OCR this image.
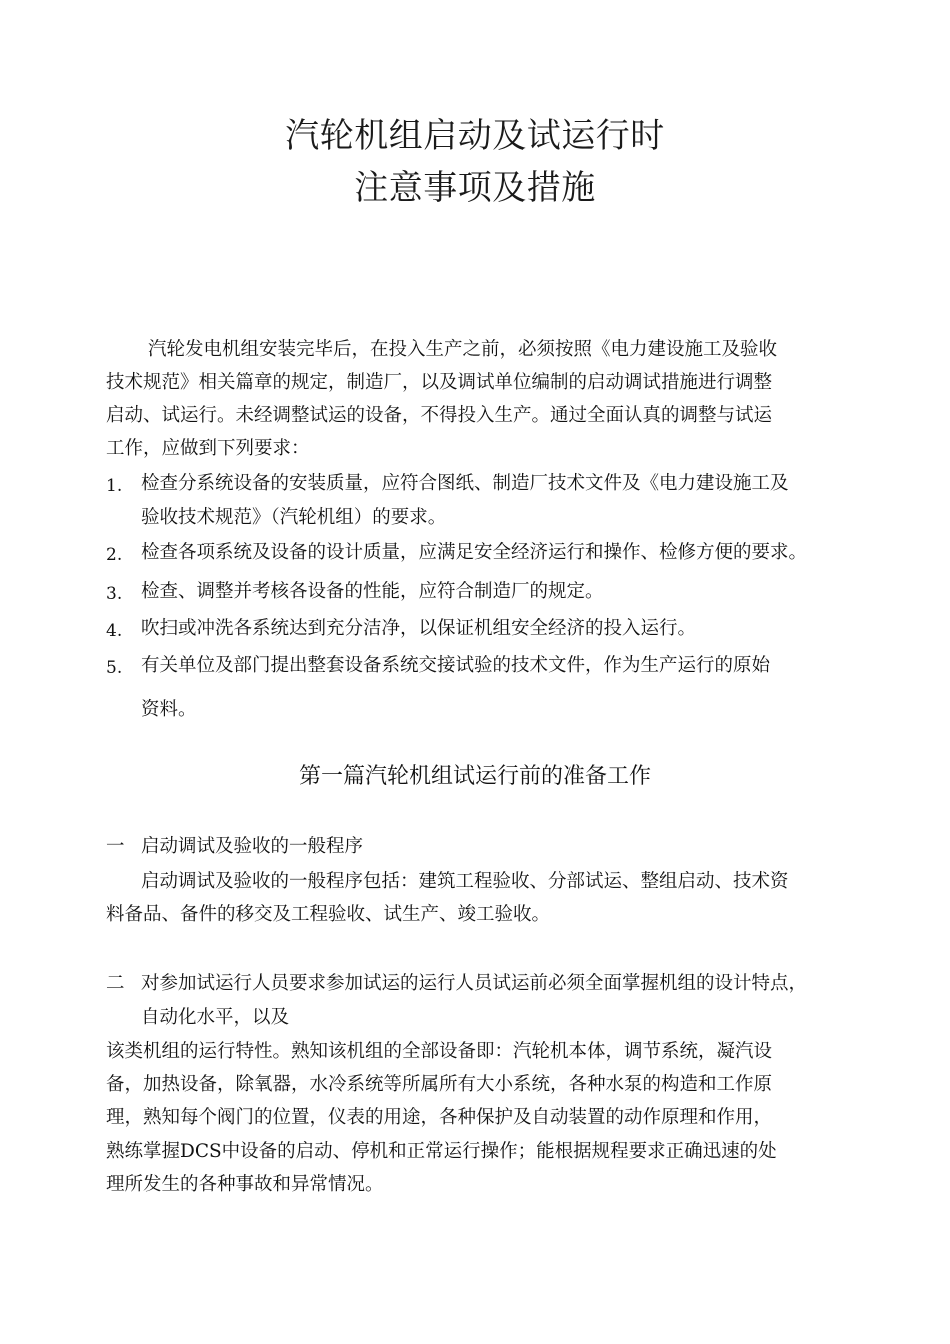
汽轮机组启动及试运行时
注意事项及措施
汽轮发电机组安装完毕后，在投入生产之前，必须按照《电力建设施工及验收
技术规范》相关篇章的规定，制造厂，以及调试单位编制的启动调试措施进行调整
启动、试运行。未经调整试运的设备，不得投入生产。通过全面认真的调整与试运
工作，应做到下列要求：
1. 检查分系统设备的安装质量，应符合图纸、制造厂技术文件及《电力建设施工及
验收技术规范》（汽轮机组）的要求。
2. 检查各项系统及设备的设计质量，应满足安全经济运行和操作、检修方便的要求。
3. 检查、调整并考核各设备的性能，应符合制造厂的规定。
4. 吹扫或冲洗各系统达到充分洁净，以保证机组安全经济的投入运行。
5. 有关单位及部门提出整套设备系统交接试验的技术文件，作为生产运行的原始
资料。
第一篇汽轮机组试运行前的准备工作
一 启动调试及验收的一般程序
启动调试及验收的一般程序包括：建筑工程验收、分部试运、整组启动、技术资
料备品、备件的移交及工程验收、试生产、竣工验收。
二 对参加试运行人员要求参加试运的运行人员试运前必须全面掌握机组的设计特点，
自动化水平，以及
该类机组的运行特性。熟知该机组的全部设备即：汽轮机本体，调节系统，凝汽设
备，加热设备，除氧器，水冷系统等所属所有大小系统，各种水泵的构造和工作原
理，熟知每个阀门的位置，仪表的用途，各种保护及自动装置的动作原理和作用，
熟练掌握DCS中设备的启动、停机和正常运行操作；能根据规程要求正确迅速的处
理所发生的各种事故和异常情况。
